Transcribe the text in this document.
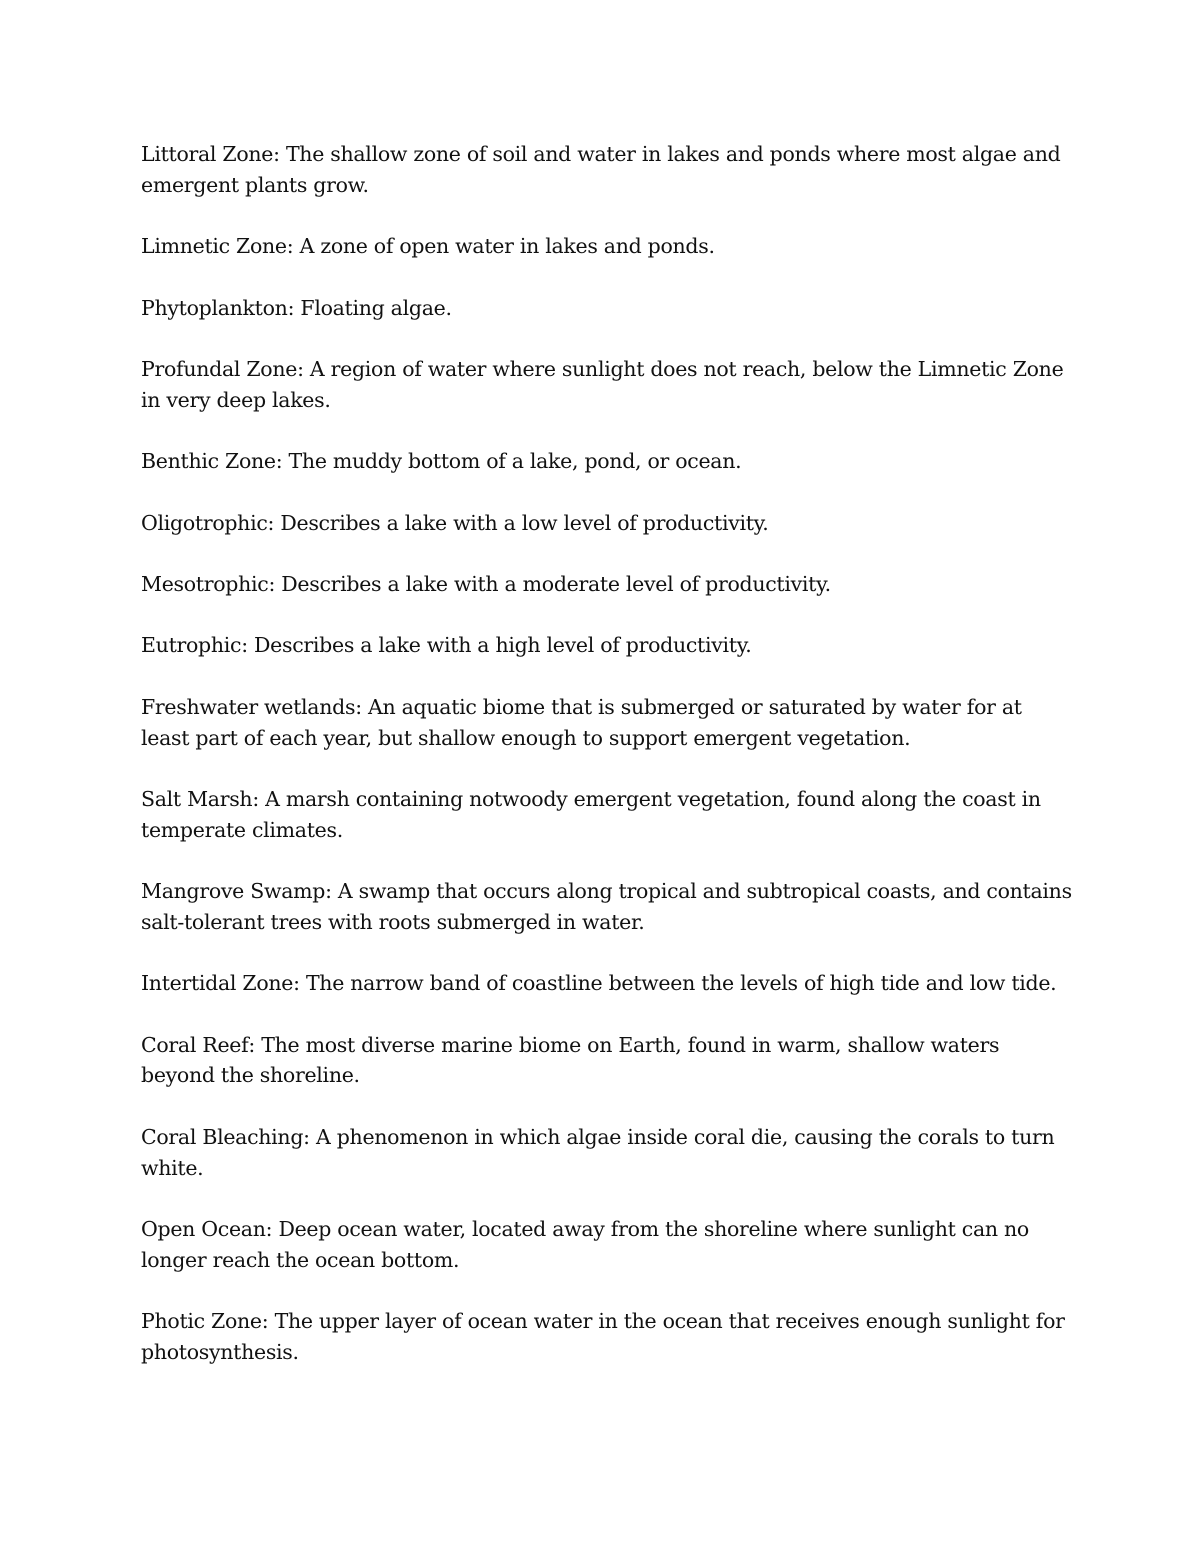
Littoral Zone: The shallow zone of soil and water in lakes and ponds where most algae and emergent plants grow.

Limnetic Zone: A zone of open water in lakes and ponds.

Phytoplankton: Floating algae.

Profundal Zone: A region of water where sunlight does not reach, below the Limnetic Zone in very deep lakes.

Benthic Zone: The muddy bottom of a lake, pond, or ocean.

Oligotrophic: Describes a lake with a low level of productivity.

Mesotrophic: Describes a lake with a moderate level of productivity.

Eutrophic: Describes a lake with a high level of productivity.

Freshwater wetlands: An aquatic biome that is submerged or saturated by water for at least part of each year, but shallow enough to support emergent vegetation.

Salt Marsh: A marsh containing notwoody emergent vegetation, found along the coast in temperate climates.

Mangrove Swamp: A swamp that occurs along tropical and subtropical coasts, and contains salt-tolerant trees with roots submerged in water.

Intertidal Zone: The narrow band of coastline between the levels of high tide and low tide.

Coral Reef: The most diverse marine biome on Earth, found in warm, shallow waters beyond the shoreline.

Coral Bleaching: A phenomenon in which algae inside coral die, causing the corals to turn white.

Open Ocean: Deep ocean water, located away from the shoreline where sunlight can no longer reach the ocean bottom.

Photic Zone: The upper layer of ocean water in the ocean that receives enough sunlight for photosynthesis.
